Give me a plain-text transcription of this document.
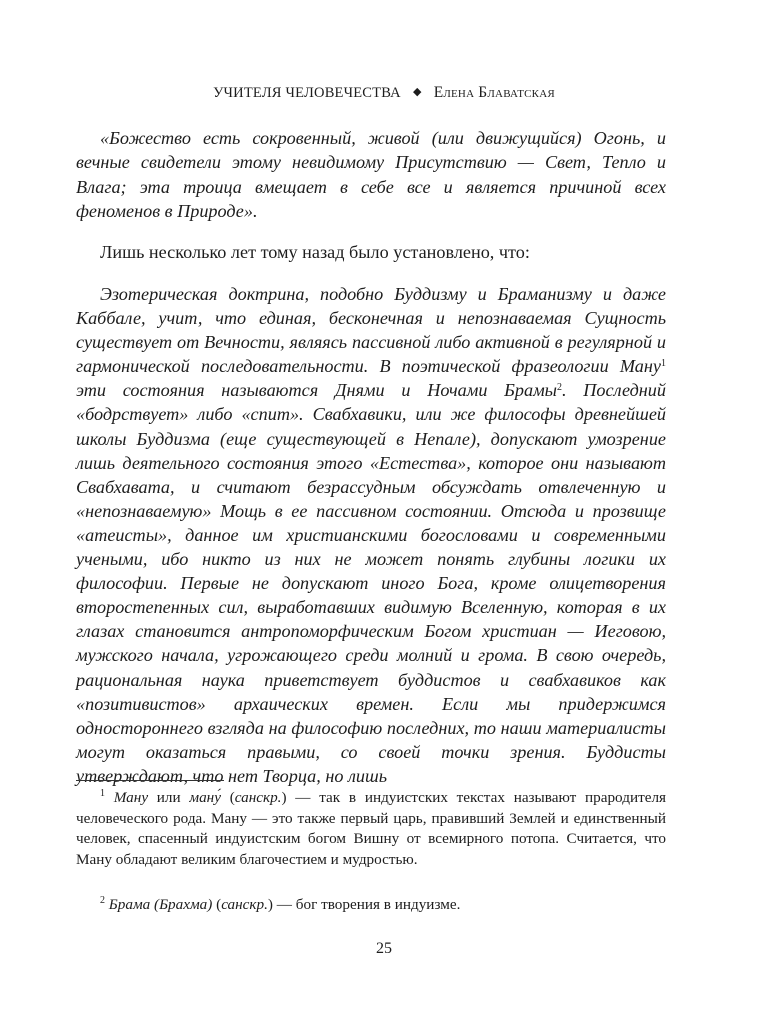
УЧИТЕЛЯ ЧЕЛОВЕЧЕСТВА ◆ Елена Блаватская

«Божество есть сокровенный, живой (или движущийся) Огонь, и вечные свидетели этому невидимому Присутствию — Свет, Тепло и Влага; эта троица вмещает в себе все и является причиной всех феноменов в Природе».

Лишь несколько лет тому назад было установлено, что:

Эзотерическая доктрина, подобно Буддизму и Браманизму и даже Каббале, учит, что единая, бесконечная и непознаваемая Сущность существует от Вечности, являясь пассивной либо активной в регулярной и гармонической последовательности. В поэтической фразеологии Ману$^1$ эти состояния называются Днями и Ночами Брамы$^2$. Последний «бодрствует» либо «спит». Свабхавики, или же философы древнейшей школы Буддизма (еще существующей в Непале), допускают умозрение лишь деятельного состояния этого «Естества», которое они называют Свабхавата, и считают безрассудным обсуждать отвлеченную и «непознаваемую» Мощь в ее пассивном состоянии. Отсюда и прозвище «атеисты», данное им христианскими богословами и современными учеными, ибо никто из них не может понять глубины логики их философии. Первые не допускают иного Бога, кроме олицетворения второстепенных сил, выработавших видимую Вселенную, которая в их глазах становится антропоморфическим Богом христиан — Иеговою, мужского начала, угрожающего среди молний и грома. В свою очередь, рациональная наука приветствует буддистов и свабхавиков как «позитивистов» архаических времен. Если мы придержимся одностороннего взгляда на философию последних, то наши материалисты могут оказаться правыми, со своей точки зрения. Буддисты утверждают, что нет Творца, но лишь

$^1$ Ману или ману́ (санскр.) — так в индуистских текстах называют прародителя человеческого рода. Ману — это также первый царь, правивший Землей и единственный человек, спасенный индуистским богом Вишну от всемирного потопа. Считается, что Ману обладают великим благочестием и мудростью.

$^2$ Брама (Брахма) (санскр.) — бог творения в индуизме.

25
